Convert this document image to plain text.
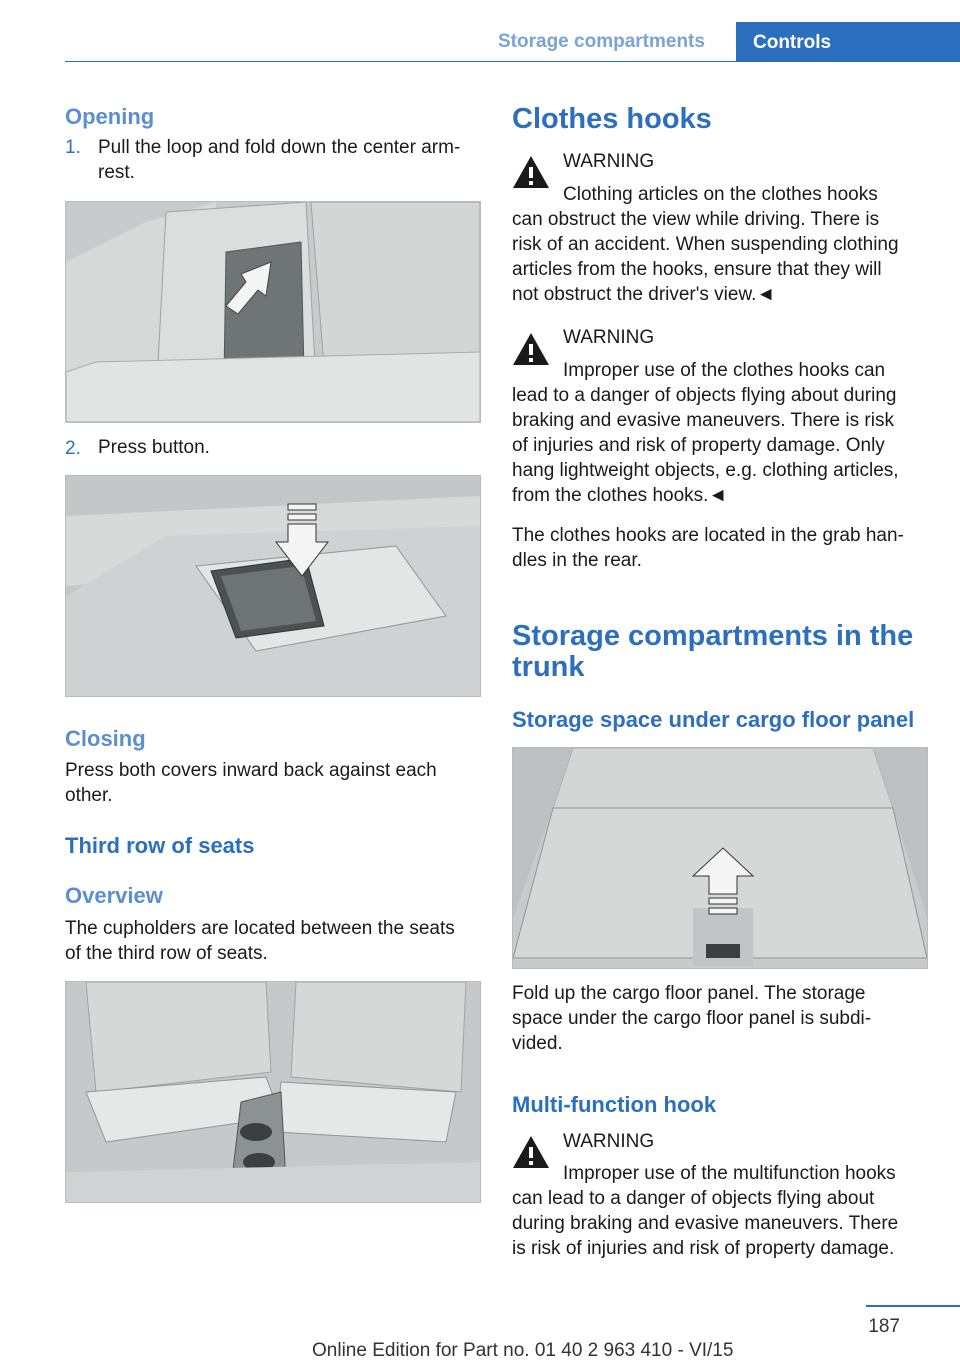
Storage compartments	Controls
Opening
1. Pull the loop and fold down the center arm‐
rest.
2. Press button.
Closing
Press both covers inward back against each
other.
Third row of seats
Overview
The cupholders are located between the seats
of the third row of seats.
Clothes hooks
WARNING
Clothing articles on the clothes hooks
can obstruct the view while driving. There is
risk of an accident. When suspending clothing
articles from the hooks, ensure that they will
not obstruct the driver's view.◄
WARNING
Improper use of the clothes hooks can
lead to a danger of objects flying about during
braking and evasive maneuvers. There is risk
of injuries and risk of property damage. Only
hang lightweight objects, e.g. clothing articles,
from the clothes hooks.◄
The clothes hooks are located in the grab han‐
dles in the rear.
Storage compartments in the
trunk
Storage space under cargo floor panel
Fold up the cargo floor panel. The storage
space under the cargo floor panel is subdi‐
vided.
Multi-function hook
WARNING
Improper use of the multifunction hooks
can lead to a danger of objects flying about
during braking and evasive maneuvers. There
is risk of injuries and risk of property damage.
187
Online Edition for Part no. 01 40 2 963 410 - VI/15
